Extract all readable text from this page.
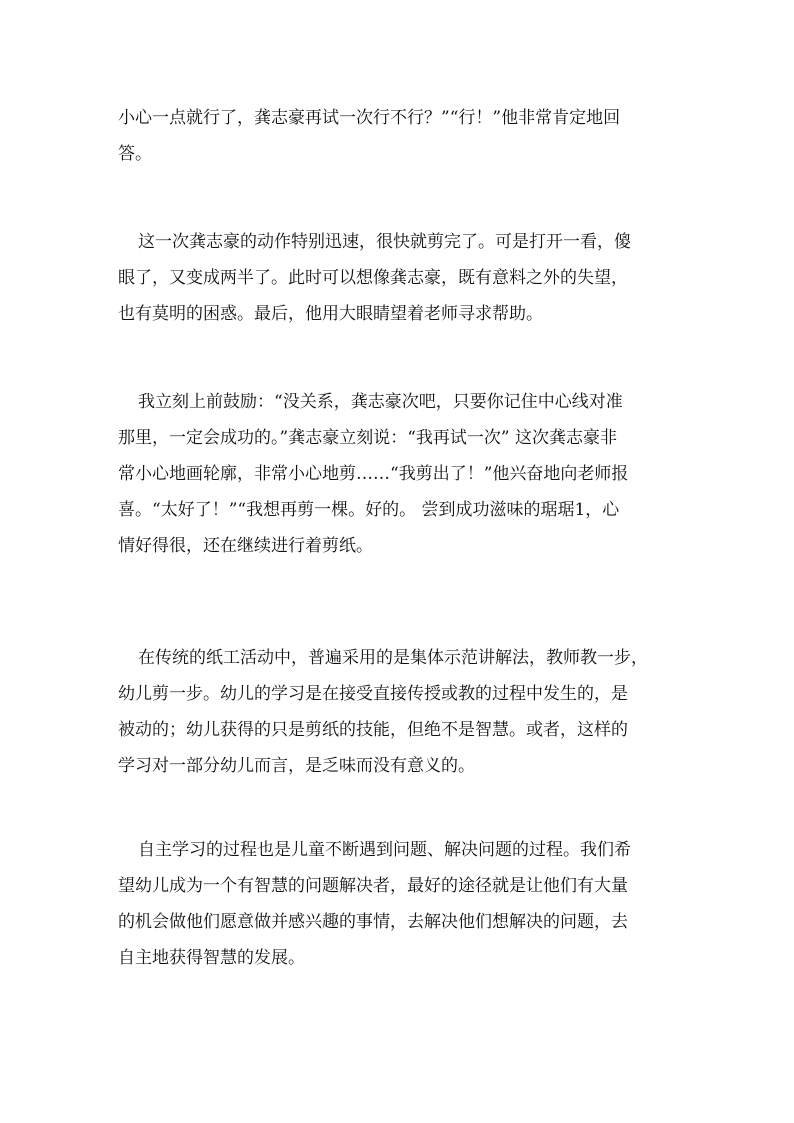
小心一点就行了，龚志豪再试一次行不行？”“行！”他非常肯定地回
答。

这一次龚志豪的动作特别迅速，很快就剪完了。可是打开一看，傻
眼了，又变成两半了。此时可以想像龚志豪，既有意料之外的失望，
也有莫明的困惑。最后，他用大眼睛望着老师寻求帮助。

我立刻上前鼓励：“没关系，龚志豪次吧，只要你记住中心线对准
那里，一定会成功的。”龚志豪立刻说：“我再试一次” 这次龚志豪非
常小心地画轮廓，非常小心地剪……“我剪出了！”他兴奋地向老师报
喜。“太好了！”“我想再剪一棵。好的。 尝到成功滋味的琚琚1，心
情好得很，还在继续进行着剪纸。

在传统的纸工活动中，普遍采用的是集体示范讲解法，教师教一步，
幼儿剪一步。幼儿的学习是在接受直接传授或教的过程中发生的，是
被动的；幼儿获得的只是剪纸的技能，但绝不是智慧。或者，这样的
学习对一部分幼儿而言，是乏味而没有意义的。

自主学习的过程也是儿童不断遇到问题、解决问题的过程。我们希
望幼儿成为一个有智慧的问题解决者，最好的途径就是让他们有大量
的机会做他们愿意做并感兴趣的事情，去解决他们想解决的问题，去
自主地获得智慧的发展。
